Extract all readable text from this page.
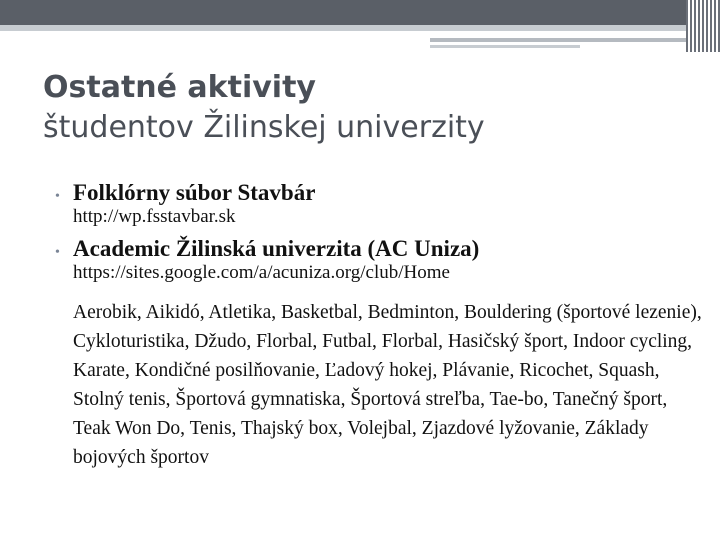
Ostatné aktivity
študentov Žilinskej univerzity
• Folklórny súbor Stavbár
http://wp.fsstavbar.sk
• Academic Žilinská univerzita (AC Uniza)
https://sites.google.com/a/acuniza.org/club/Home
Aerobik, Aikidó, Atletika, Basketbal, Bedminton, Bouldering (športové lezenie), Cykloturistika, Džudo, Florbal, Futbal, Florbal, Hasičský šport, Indoor cycling, Karate, Kondičné posilňovanie, Ľadový hokej, Plávanie, Ricochet, Squash, Stolný tenis, Športová gymnatiska, Športová streľba, Tae-bo, Tanečný šport, Teak Won Do, Tenis, Thajský box, Volejbal, Zjazdové lyžovanie, Základy bojových športov
